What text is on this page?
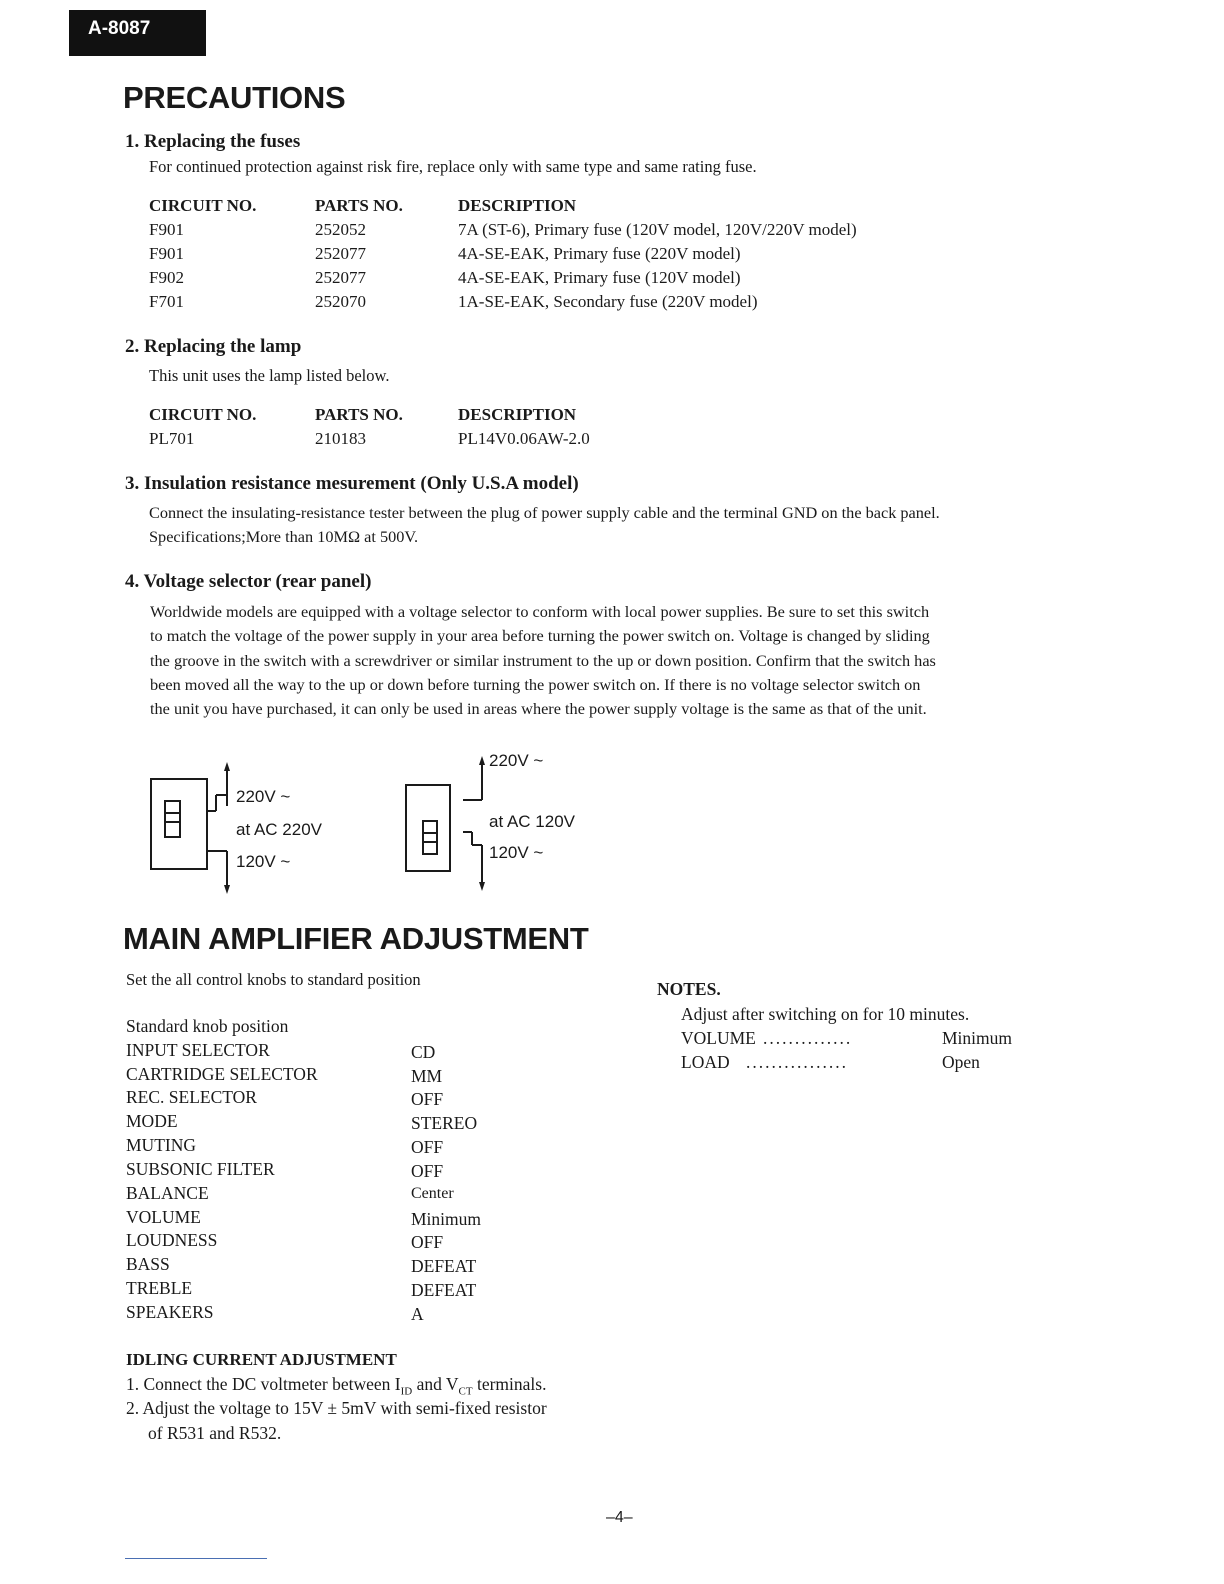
A-8087
PRECAUTIONS
1. Replacing the fuses
For continued protection against risk fire, replace only with same type and same rating fuse.
CIRCUIT NO.	PARTS NO.	DESCRIPTION
F901	252052	7A (ST-6), Primary fuse (120V model, 120V/220V model)
F901	252077	4A-SE-EAK, Primary fuse (220V model)
F902	252077	4A-SE-EAK, Primary fuse (120V model)
F701	252070	1A-SE-EAK, Secondary fuse (220V model)
2. Replacing the lamp
This unit uses the lamp listed below.
CIRCUIT NO.	PARTS NO.	DESCRIPTION
PL701	210183	PL14V0.06AW-2.0
3. Insulation resistance mesurement (Only U.S.A model)
Connect the insulating-resistance tester between the plug of power supply cable and the terminal GND on the back panel.
Specifications;More than 10MΩ at 500V.
4. Voltage selector (rear panel)
Worldwide models are equipped with a voltage selector to conform with local power supplies. Be sure to set this switch
to match the voltage of the power supply in your area before turning the power switch on. Voltage is changed by sliding
the groove in the switch with a screwdriver or similar instrument to the up or down position. Confirm that the switch has
been moved all the way to the up or down before turning the power switch on. If there is no voltage selector switch on
the unit you have purchased, it can only be used in areas where the power supply voltage is the same as that of the unit.
220V ~
at AC 220V
120V ~
220V ~
at AC 120V
120V ~
MAIN AMPLIFIER ADJUSTMENT
Set the all control knobs to standard position
Standard knob position
INPUT SELECTOR	CD
CARTRIDGE SELECTOR	MM
REC. SELECTOR	OFF
MODE	STEREO
MUTING	OFF
SUBSONIC FILTER	OFF
BALANCE	Center
VOLUME	Minimum
LOUDNESS	OFF
BASS	DEFEAT
TREBLE	DEFEAT
SPEAKERS	A
IDLING CURRENT ADJUSTMENT
1. Connect the DC voltmeter between $I_{ID}$ and $V_{CT}$ terminals.
2. Adjust the voltage to 15V ± 5mV with semi-fixed resistor
of R531 and R532.
NOTES.
Adjust after switching on for 10 minutes.
VOLUME ..............	Minimum
LOAD ................	Open
–4–
